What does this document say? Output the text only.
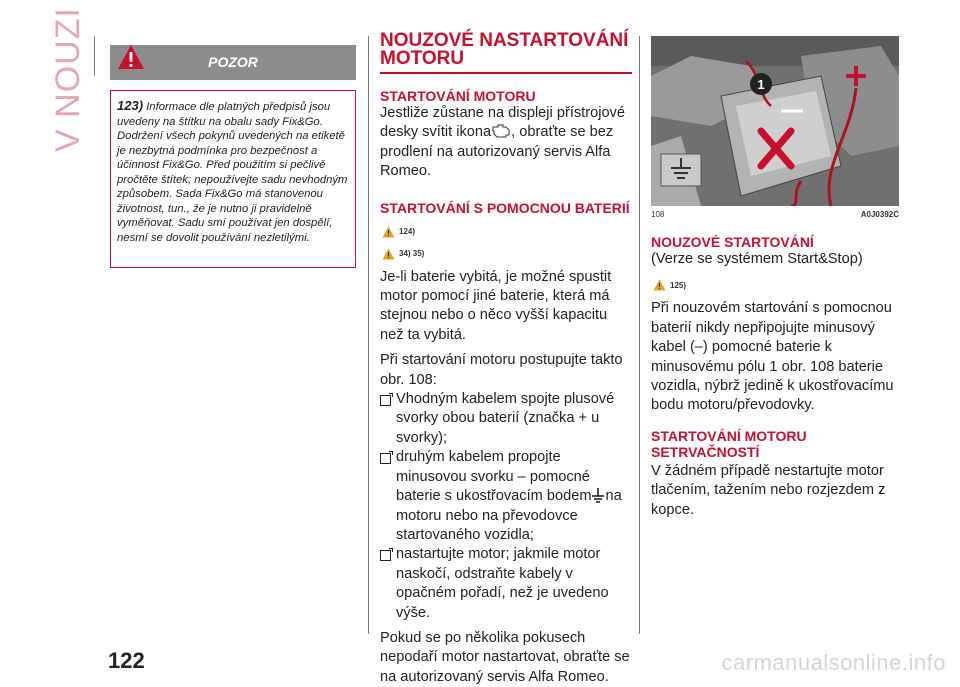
V NOUZI	POZOR
123) Informace dle platných předpisů jsou uvedeny na štítku na obalu sady Fix&Go. Dodržení všech pokynů uvedených na etiketě je nezbytná podmínka pro bezpečnost a účinnost Fix&Go. Před použitím si pečlivě pročtěte štítek; nepoužívejte sadu nevhodným způsobem. Sada Fix&Go má stanovenou životnost, tun., že je nutno ji pravidelně vyměňovat. Sadu smí používat jen dospělí, nesmí se dovolit používání nezletilými.
NOUZOVÉ NASTARTOVÁNÍ
MOTORU
STARTOVÁNÍ MOTORU
Jestliže zůstane na displeji přístrojové desky svítit ikona , obraťte se bez prodlení na autorizovaný servis Alfa Romeo.
STARTOVÁNÍ S POMOCNOU BATERIÍ
124)
34) 35)
Je-li baterie vybitá, je možné spustit motor pomocí jiné baterie, která má stejnou nebo o něco vyšší kapacitu než ta vybitá.
Při startování motoru postupujte takto obr. 108:
Vhodným kabelem spojte plusové svorky obou baterií (značka + u svorky);
druhým kabelem propojte minusovou svorku – pomocné baterie s ukostřovacím bodem na motoru nebo na převodovce startovaného vozidla;
nastartujte motor; jakmile motor naskočí, odstraňte kabely v opačném pořadí, než je uvedeno výše.
Pokud se po několika pokusech nepodaří motor nastartovat, obraťte se na autorizovaný servis Alfa Romeo.
1
108	A0J0392C
NOUZOVÉ STARTOVÁNÍ
(Verze se systémem Start&Stop)
125)
Při nouzovém startování s pomocnou baterií nikdy nepřipojujte minusový kabel (–) pomocné baterie k minusovému pólu 1 obr. 108 baterie vozidla, nýbrž jedině k ukostřovacímu bodu motoru/převodovky.
STARTOVÁNÍ MOTORU SETRVAČNOSTÍ
V žádném případě nestartujte motor tlačením, tažením nebo rozjezdem z kopce.
122	carmanualsonline.info
